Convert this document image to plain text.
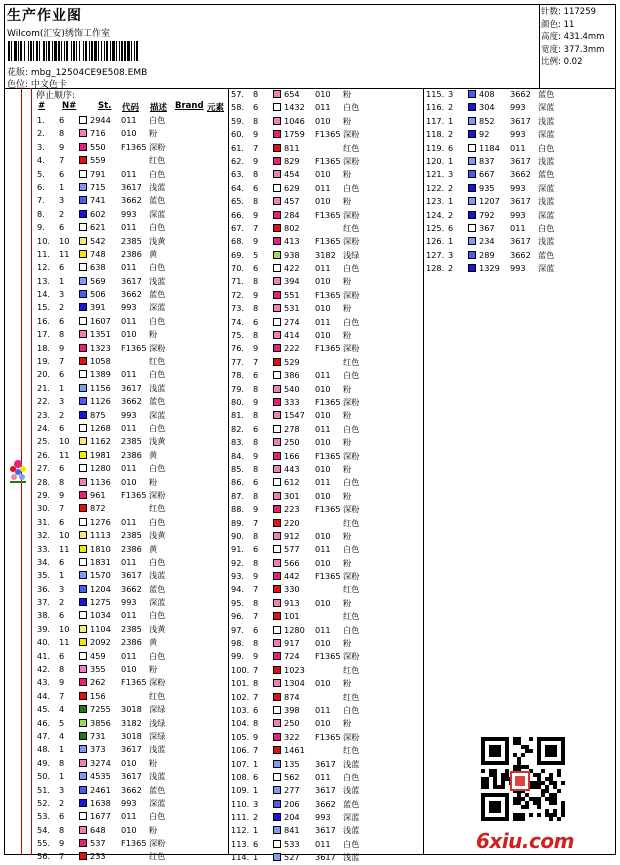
生产作业图
Wilcom(汇安)绣饰工作室
花版: mbg_12504CE9E508.EMB
色位: 中文色卡
针数: 117259
颜色: 11
高度: 431.4mm
宽度: 377.3mm
比例: 0.02
停止顺序:
# N#	St. 代码 描述 Brand 元素
1. 6	2944 011 白色
2. 8	716 010 粉
3. 9	550 F1365 深粉
4. 7	559	红色
5. 6	791 011 白色
6. 1	715 3617 浅蓝
7. 3	741 3662 蓝色
8. 2	602 993 深蓝
9. 6	621 011 白色
10. 10	542 2385 浅黄
11. 11	748 2386 黄
12. 6	638 011 白色
13. 1	569 3617 浅蓝
14. 3	506 3662 蓝色
15. 2	391 993 深蓝
16. 6	1607 011 白色
17. 8	1351 010 粉
18. 9	1323 F1365 深粉
19. 7	1058	红色
20. 6	1389 011 白色
21. 1	1156 3617 浅蓝
22. 3	1126 3662 蓝色
23. 2	875 993 深蓝
24. 6	1268 011 白色
25. 10	1162 2385 浅黄
26. 11	1981 2386 黄
27. 6	1280 011 白色
28. 8	1136 010 粉
29. 9	961 F1365 深粉
30. 7	872	红色
31. 6	1276 011 白色
32. 10	1113 2385 浅黄
33. 11	1810 2386 黄
34. 6	1831 011 白色
35. 1	1570 3617 浅蓝
36. 3	1204 3662 蓝色
37. 2	1275 993 深蓝
38. 6	1034 011 白色
39. 10	1104 2385 浅黄
40. 11	2092 2386 黄
41. 6	459 011 白色
42. 8	355 010 粉
43. 9	262 F1365 深粉
44. 7	156	红色
45. 4	7255 3018 深绿
46. 5	3856 3182 浅绿
47. 4	731 3018 深绿
48. 1	373 3617 浅蓝
49. 8	3274 010 粉
50. 1	4535 3617 浅蓝
51. 3	2461 3662 蓝色
52. 2	1638 993 深蓝
53. 6	1677 011 白色
54. 8	648 010 粉
55. 9	537 F1365 深粉
56. 7	233	红色
57. 8	654 010 粉
58. 6	1432 011 白色
59. 8	1046 010 粉
60. 9	1759 F1365 深粉
61. 7	811	红色
62. 9	829 F1365 深粉
63. 8	454 010 粉
64. 6	629 011 白色
65. 8	457 010 粉
66. 9	284 F1365 深粉
67. 7	802	红色
68. 9	413 F1365 深粉
69. 5	938 3182 浅绿
70. 6	422 011 白色
71. 8	394 010 粉
72. 9	551 F1365 深粉
73. 8	531 010 粉
74. 6	274 011 白色
75. 8	414 010 粉
76. 9	222 F1365 深粉
77. 7	529	红色
78. 6	386 011 白色
79. 8	540 010 粉
80. 9	333 F1365 深粉
81. 8	1547 010 粉
82. 6	278 011 白色
83. 8	250 010 粉
84. 9	166 F1365 深粉
85. 8	443 010 粉
86. 6	612 011 白色
87. 8	301 010 粉
88. 9	223 F1365 深粉
89. 7	220	红色
90. 8	912 010 粉
91. 6	577 011 白色
92. 8	566 010 粉
93. 9	442 F1365 深粉
94. 7	330	红色
95. 8	913 010 粉
96. 7	101	红色
97. 6	1280 011 白色
98. 8	917 010 粉
99. 9	724 F1365 深粉
100. 7	1023	红色
101. 8	1304 010 粉
102. 7	874	红色
103. 6	398 011 白色
104. 8	250 010 粉
105. 9	322 F1365 深粉
106. 7	1461	红色
107. 1	135 3617 浅蓝
108. 6	562 011 白色
109. 1	277 3617 浅蓝
110. 3	206 3662 蓝色
111. 2	204 993 深蓝
112. 1	841 3617 浅蓝
113. 6	533 011 白色
114. 1	527 3617 浅蓝
115. 3	408 3662 蓝色
116. 2	304 993 深蓝
117. 1	852 3617 浅蓝
118. 2	92	993 深蓝
119. 6	1184 011 白色
120. 1	837 3617 浅蓝
121. 3	667 3662 蓝色
122. 2	935 993 深蓝
123. 1	1207 3617 浅蓝
124. 2	792 993 深蓝
125. 6	367 011 白色
126. 1	234 3617 浅蓝
127. 3	289 3662 蓝色
128. 2	1329 993 深蓝
6xiu.com
